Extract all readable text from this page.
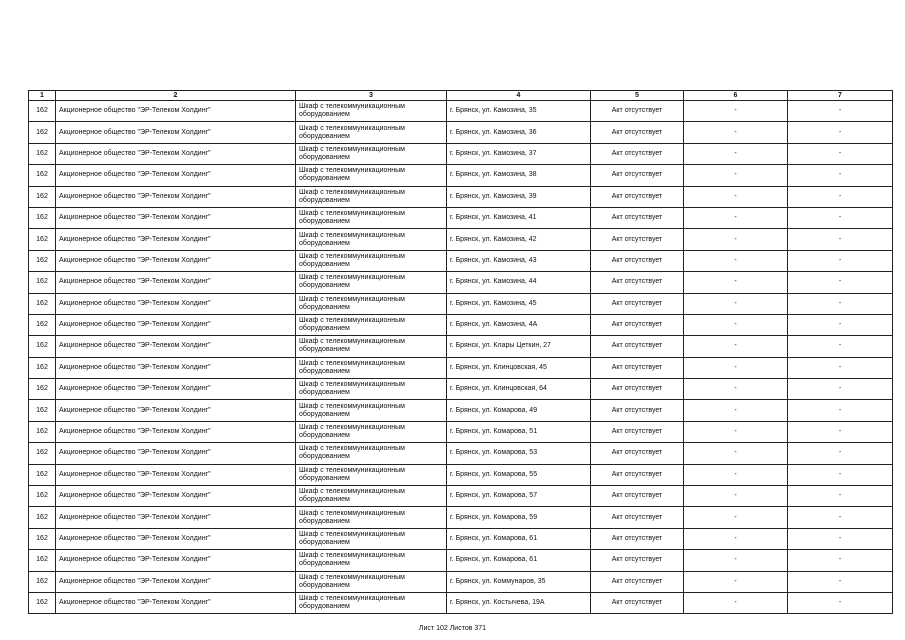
1	2	3	4	5	6	7
162	Акционерное общество "ЭР-Телеком Холдинг"	Шкаф с телекоммуникационным оборудованием	г. Брянск, ул. Камозина, 35	Акт отсутствует	-	-
162	Акционерное общество "ЭР-Телеком Холдинг"	Шкаф с телекоммуникационным оборудованием	г. Брянск, ул. Камозина, 36	Акт отсутствует	-	-
162	Акционерное общество "ЭР-Телеком Холдинг"	Шкаф с телекоммуникационным оборудованием	г. Брянск, ул. Камозина, 37	Акт отсутствует	-	-
162	Акционерное общество "ЭР-Телеком Холдинг"	Шкаф с телекоммуникационным оборудованием	г. Брянск, ул. Камозина, 38	Акт отсутствует	-	-
162	Акционерное общество "ЭР-Телеком Холдинг"	Шкаф с телекоммуникационным оборудованием	г. Брянск, ул. Камозина, 39	Акт отсутствует	-	-
162	Акционерное общество "ЭР-Телеком Холдинг"	Шкаф с телекоммуникационным оборудованием	г. Брянск, ул. Камозина, 41	Акт отсутствует	-	-
162	Акционерное общество "ЭР-Телеком Холдинг"	Шкаф с телекоммуникационным оборудованием	г. Брянск, ул. Камозина, 42	Акт отсутствует	-	-
162	Акционерное общество "ЭР-Телеком Холдинг"	Шкаф с телекоммуникационным оборудованием	г. Брянск, ул. Камозина, 43	Акт отсутствует	-	-
162	Акционерное общество "ЭР-Телеком Холдинг"	Шкаф с телекоммуникационным оборудованием	г. Брянск, ул. Камозина, 44	Акт отсутствует	-	-
162	Акционерное общество "ЭР-Телеком Холдинг"	Шкаф с телекоммуникационным оборудованием	г. Брянск, ул. Камозина, 45	Акт отсутствует	-	-
162	Акционерное общество "ЭР-Телеком Холдинг"	Шкаф с телекоммуникационным оборудованием	г. Брянск, ул. Камозина, 4А	Акт отсутствует	-	-
162	Акционерное общество "ЭР-Телеком Холдинг"	Шкаф с телекоммуникационным оборудованием	г. Брянск, ул. Клары Цеткин, 27	Акт отсутствует	-	-
162	Акционерное общество "ЭР-Телеком Холдинг"	Шкаф с телекоммуникационным оборудованием	г. Брянск, ул. Клинцовская, 45	Акт отсутствует	-	-
162	Акционерное общество "ЭР-Телеком Холдинг"	Шкаф с телекоммуникационным оборудованием	г. Брянск, ул. Клинцовская, 64	Акт отсутствует	-	-
162	Акционерное общество "ЭР-Телеком Холдинг"	Шкаф с телекоммуникационным оборудованием	г. Брянск, ул. Комарова, 49	Акт отсутствует	-	-
162	Акционерное общество "ЭР-Телеком Холдинг"	Шкаф с телекоммуникационным оборудованием	г. Брянск, ул. Комарова, 51	Акт отсутствует	-	-
162	Акционерное общество "ЭР-Телеком Холдинг"	Шкаф с телекоммуникационным оборудованием	г. Брянск, ул. Комарова, 53	Акт отсутствует	-	-
162	Акционерное общество "ЭР-Телеком Холдинг"	Шкаф с телекоммуникационным оборудованием	г. Брянск, ул. Комарова, 55	Акт отсутствует	-	-
162	Акционерное общество "ЭР-Телеком Холдинг"	Шкаф с телекоммуникационным оборудованием	г. Брянск, ул. Комарова, 57	Акт отсутствует	-	-
162	Акционерное общество "ЭР-Телеком Холдинг"	Шкаф с телекоммуникационным оборудованием	г. Брянск, ул. Комарова, 59	Акт отсутствует	-	-
162	Акционерное общество "ЭР-Телеком Холдинг"	Шкаф с телекоммуникационным оборудованием	г. Брянск, ул. Комарова, 61	Акт отсутствует	-	-
162	Акционерное общество "ЭР-Телеком Холдинг"	Шкаф с телекоммуникационным оборудованием	г. Брянск, ул. Комарова, 61	Акт отсутствует	-	-
162	Акционерное общество "ЭР-Телеком Холдинг"	Шкаф с телекоммуникационным оборудованием	г. Брянск, ул. Коммунаров, 35	Акт отсутствует	-	-
162	Акционерное общество "ЭР-Телеком Холдинг"	Шкаф с телекоммуникационным оборудованием	г. Брянск, ул. Костычева, 19А	Акт отсутствует	-	-
Лист 102 Листов 371
